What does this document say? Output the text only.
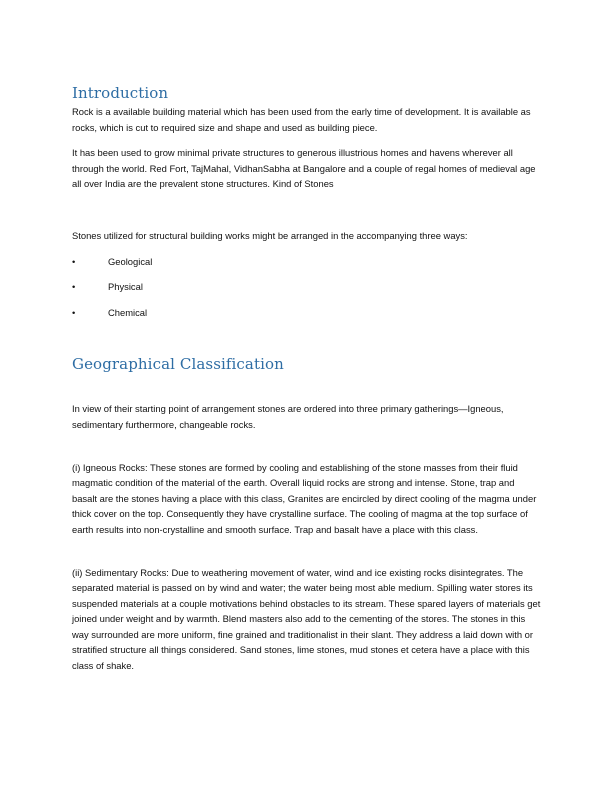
Introduction

Rock is a available building material which has been used from the early time of development. It is available as rocks, which is cut to required size and shape and used as building piece.

It has been used to grow minimal private structures to generous illustrious homes and havens wherever all through the world. Red Fort, TajMahal, VidhanSabha at Bangalore and a couple of regal homes of medieval age all over India are the prevalent stone structures. Kind of Stones

Stones utilized for structural building works might be arranged in the accompanying three ways:

•	Geological
•	Physical
•	Chemical
Geographical Classification

In view of their starting point of arrangement stones are ordered into three primary gatherings—Igneous, sedimentary furthermore, changeable rocks.

(i) Igneous Rocks: These stones are formed by cooling and establishing of the stone masses from their fluid magmatic condition of the material of the earth. Overall liquid rocks are strong and intense. Stone, trap and basalt are the stones having a place with this class, Granites are encircled by direct cooling of the magma under thick cover on the top. Consequently they have crystalline surface. The cooling of magma at the top surface of earth results into non-crystalline and smooth surface. Trap and basalt have a place with this class.

(ii) Sedimentary Rocks: Due to weathering movement of water, wind and ice existing rocks disintegrates. The separated material is passed on by wind and water; the water being most able medium. Spilling water stores its suspended materials at a couple motivations behind obstacles to its stream. These spared layers of materials get joined under weight and by warmth. Blend masters also add to the cementing of the stores. The stones in this way surrounded are more uniform, fine grained and traditionalist in their slant. They address a laid down with or stratified structure all things considered. Sand stones, lime stones, mud stones et cetera have a place with this class of shake.
